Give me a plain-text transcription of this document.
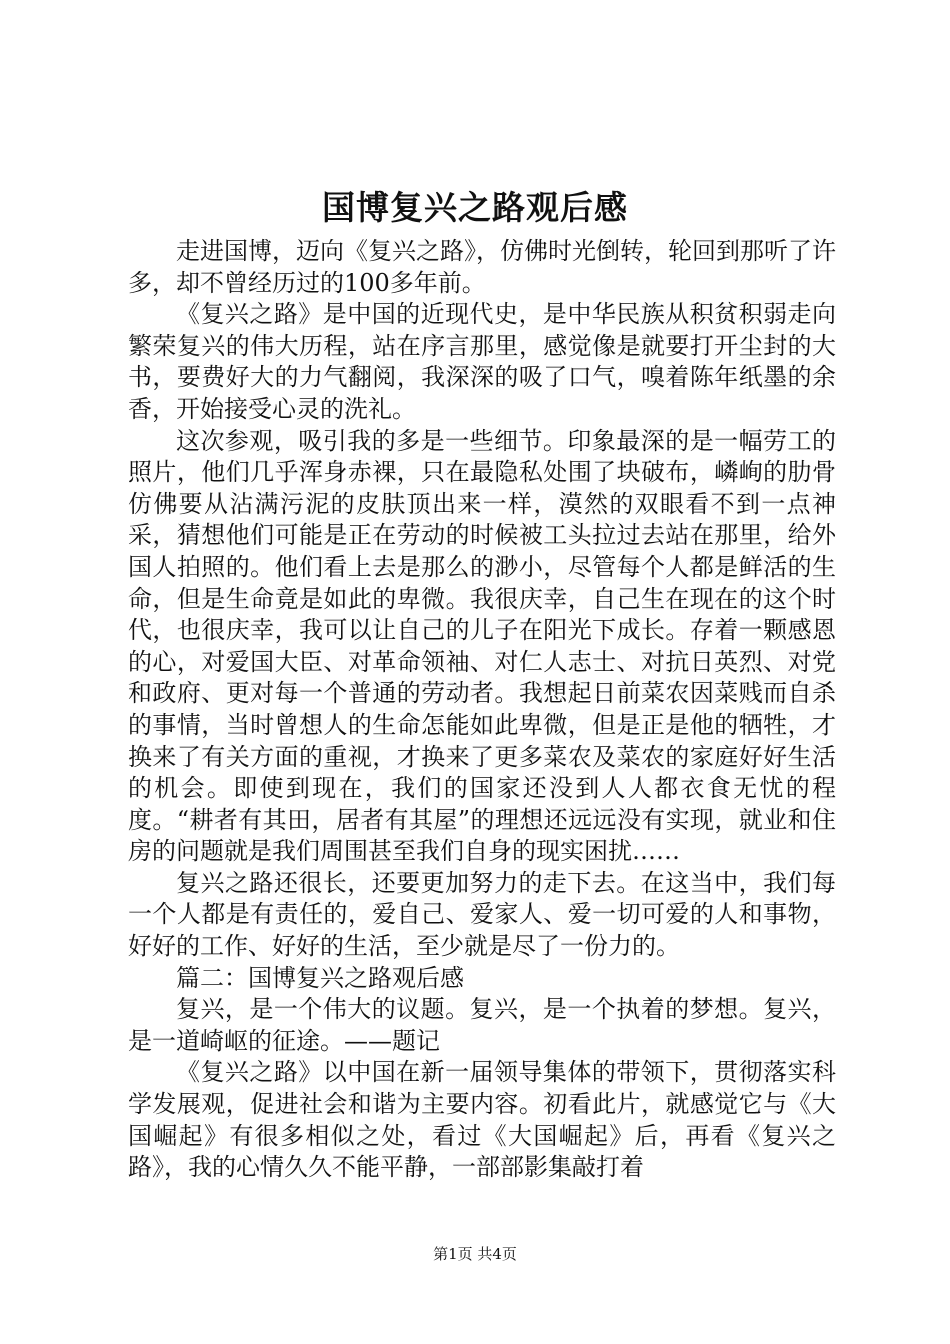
国博复兴之路观后感

走进国博，迈向《复兴之路》，仿佛时光倒转，轮回到那听了许多，却不曾经历过的100多年前。

《复兴之路》是中国的近现代史，是中华民族从积贫积弱走向繁荣复兴的伟大历程，站在序言那里，感觉像是就要打开尘封的大书，要费好大的力气翻阅，我深深的吸了口气，嗅着陈年纸墨的余香，开始接受心灵的洗礼。

这次参观，吸引我的多是一些细节。印象最深的是一幅劳工的照片，他们几乎浑身赤裸，只在最隐私处围了块破布，嶙峋的肋骨仿佛要从沾满污泥的皮肤顶出来一样，漠然的双眼看不到一点神采，猜想他们可能是正在劳动的时候被工头拉过去站在那里，给外国人拍照的。他们看上去是那么的渺小，尽管每个人都是鲜活的生命，但是生命竟是如此的卑微。我很庆幸，自己生在现在的这个时代，也很庆幸，我可以让自己的儿子在阳光下成长。存着一颗感恩的心，对爱国大臣、对革命领袖、对仁人志士、对抗日英烈、对党和政府、更对每一个普通的劳动者。我想起日前菜农因菜贱而自杀的事情，当时曾想人的生命怎能如此卑微，但是正是他的牺牲，才换来了有关方面的重视，才换来了更多菜农及菜农的家庭好好生活的机会。即使到现在，我们的国家还没到人人都衣食无忧的程度。“耕者有其田，居者有其屋”的理想还远远没有实现，就业和住房的问题就是我们周围甚至我们自身的现实困扰……

复兴之路还很长，还要更加努力的走下去。在这当中，我们每一个人都是有责任的，爱自己、爱家人、爱一切可爱的人和事物，好好的工作、好好的生活，至少就是尽了一份力的。

篇二：国博复兴之路观后感

复兴，是一个伟大的议题。复兴，是一个执着的梦想。复兴，是一道崎岖的征途。——题记

《复兴之路》以中国在新一届领导集体的带领下，贯彻落实科学发展观，促进社会和谐为主要内容。初看此片，就感觉它与《大国崛起》有很多相似之处，看过《大国崛起》后，再看《复兴之路》，我的心情久久不能平静，一部部影集敲打着

第1页 共4页
